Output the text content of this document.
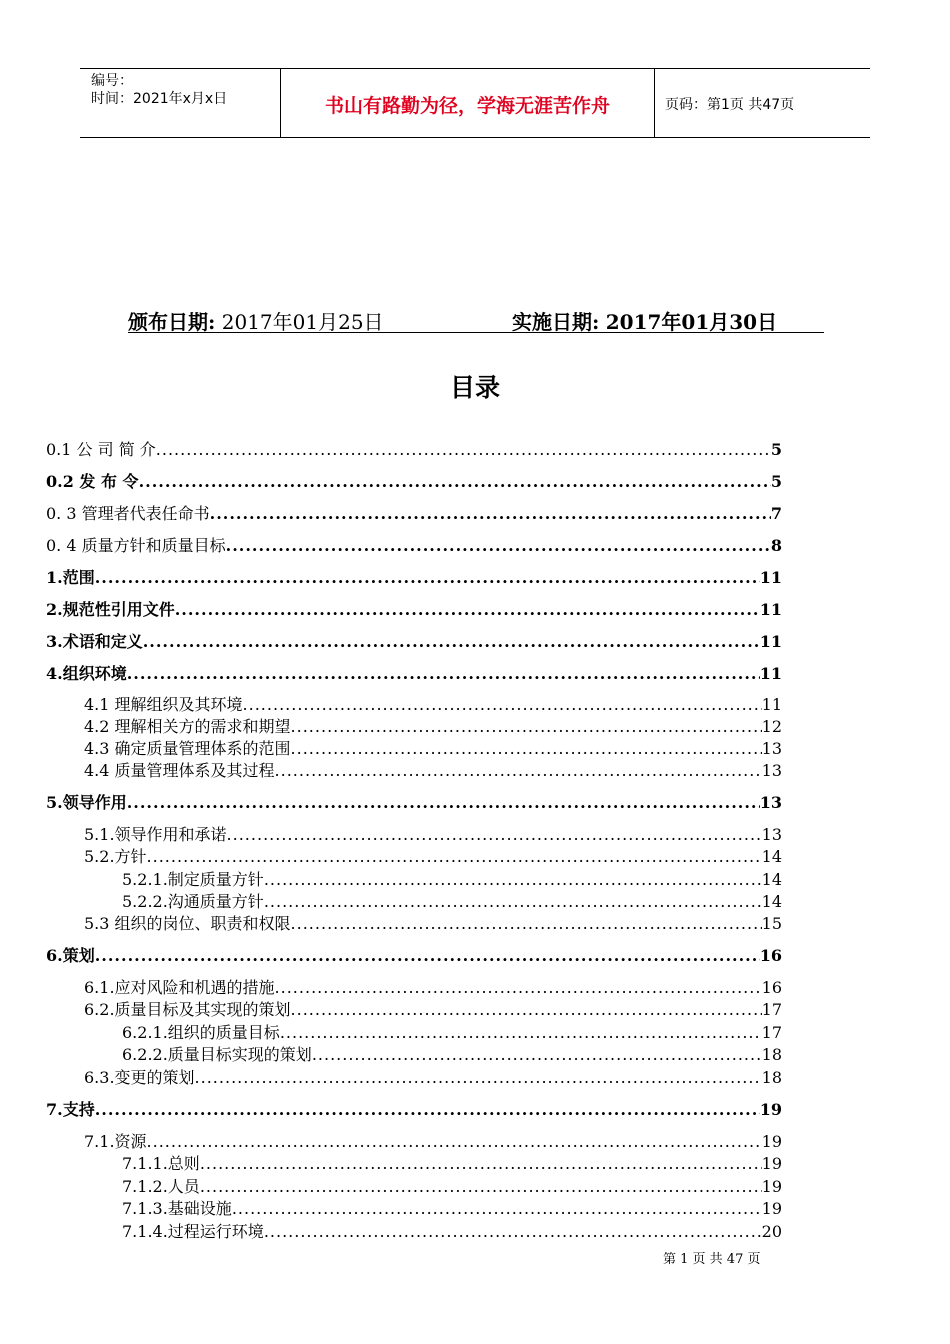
编号：
时间：2021年x月x日	书山有路勤为径，学海无涯苦作舟	页码：第1页 共47页
颁布日期: 2017年01月25日	实施日期: 2017年01月30日
目录
0.1 公 司 简 介 .....	5
0.2 发 布 令 .....	5
0. 3 管理者代表任命书 .....	7
0. 4 质量方针和质量目标 .....	8
1. 范围 .....	11
2. 规范性引用文件 .....	11
3. 术语和定义 .....	11
4. 组织环境 .....	11
4.1 理解组织及其环境 .....	11
4.2 理解相关方的需求和期望 .....	12
4.3 确定质量管理体系的范围 .....	13
4.4 质量管理体系及其过程 .....	13
5. 领导作用 .....	13
5.1. 领导作用和承诺 .....	13
5.2. 方针 .....	14
5.2.1. 制定质量方针 .....	14
5.2.2. 沟通质量方针 .....	14
5.3 组织的岗位、职责和权限 .....	15
6. 策划 .....	16
6.1. 应对风险和机遇的措施 .....	16
6.2. 质量目标及其实现的策划 .....	17
6.2.1. 组织的质量目标 .....	17
6.2.2. 质量目标实现的策划 .....	18
6.3. 变更的策划 .....	18
7. 支持 .....	19
7.1. 资源 .....	19
7.1.1. 总则 .....	19
7.1.2. 人员 .....	19
7.1.3. 基础设施 .....	19
7.1.4. 过程运行环境 .....	20
第 1 页 共 47 页
